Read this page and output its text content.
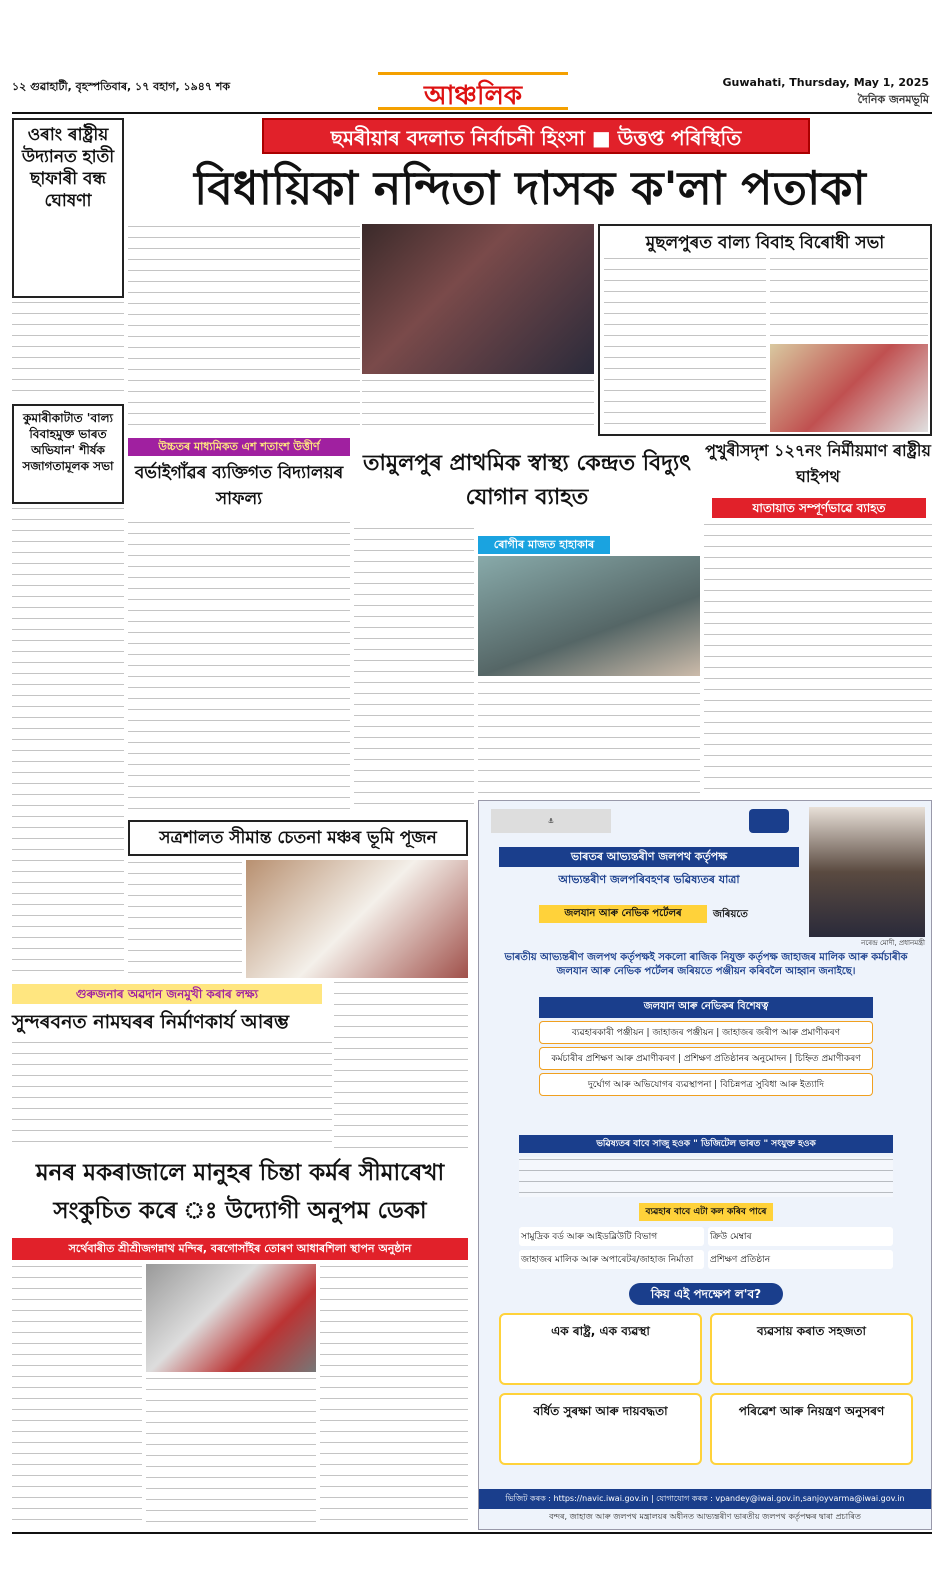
১২ গুৱাহাটী, বৃহস্পতিবাৰ, ১৭ বহাগ, ১৯৪৭ শক	আঞ্চলিক	Guwahati, Thursday, May 1, 2025
দৈনিক জনমভূমি
ওৰাং ৰাষ্ট্ৰীয় উদ্যানত হাতী ছাফাৰী বন্ধ ঘোষণা
কুমাৰীকাটাত 'বাল্য বিবাহমুক্ত ভাৰত অভিযান' শীৰ্ষক সজাগতামূলক সভা
ছমৰীয়াৰ বদলাত নিৰ্বাচনী হিংসা ■ উত্তপ্ত পৰিস্থিতি
বিধায়িকা নন্দিতা দাসক ক'লা পতাকা
মুছলপুৰত বাল্য বিবাহ বিৰোধী সভা
উচ্চতৰ মাধ্যমিকত এশ শতাংশ উত্তীৰ্ণ
বৰ্ভাইগাঁৱৰ ব্যক্তিগত বিদ্যালয়ৰ সাফল্য
তামুলপুৰ প্ৰাথমিক স্বাস্থ্য কেন্দ্ৰত বিদ্যুৎ যোগান ব্যাহত
ৰোগীৰ মাজত হাহাকাৰ
পুখুৰীসদৃশ ১২৭নং নিৰ্মীয়মাণ ৰাষ্ট্ৰীয় ঘাইপথ
যাতায়াত সম্পূৰ্ণভাৱে ব্যাহত
সত্ৰশালত সীমান্ত চেতনা মঞ্চৰ ভূমি পূজন
গুৰুজনাৰ অৱদান জনমুখী কৰাৰ লক্ষ্য
সুন্দৰবনত নামঘৰৰ নিৰ্মাণকাৰ্য আৰম্ভ
মনৰ মকৰাজালে মানুহৰ চিন্তা কৰ্মৰ সীমাৰেখা সংকুচিত কৰে ঃ উদ্যোগী অনুপম ডেকা
সৰ্থেবাৰীত শ্ৰীশ্ৰীজগন্নাথ মন্দিৰ, বৰগোসাঁইৰ তোৰণ আধাৰশিলা স্থাপন অনুষ্ঠান
⚓
ভাৰতৰ আভ্যন্তৰীণ জলপথ কৰ্তৃপক্ষ
আভ্যন্তৰীণ জলপৰিবহণৰ ভৱিষ্যতৰ যাত্ৰা
জলযান আৰু নেভিক পৰ্টেলৰ	জৰিয়তে
নৰেন্দ্ৰ মোদী, প্ৰধানমন্ত্ৰী
ভাৰতীয় আভ্যন্তৰীণ জলপথ কৰ্তৃপক্ষই সকলো ৰাজিক নিযুক্ত কৰ্তৃপক্ষ জাহাজৰ মালিক আৰু কৰ্মচাৰীক জলযান আৰু নেভিক পৰ্টেলৰ জৰিয়তে পঞ্জীয়ন কৰিবলৈ আহ্বান জনাইছে।
জলযান আৰু নেভিকৰ বিশেষত্ব
ব্যৱহাৰকাৰী পঞ্জীয়ন | জাহাজৰ পঞ্জীয়ন | জাহাজৰ জৰীপ আৰু প্ৰমাণীকৰণ
কৰ্মচাৰীৰ প্ৰশিক্ষণ আৰু প্ৰমাণীকৰণ | প্ৰশিক্ষণ প্ৰতিষ্ঠানৰ অনুমোদন | চিহ্নিত প্ৰমাণীকৰণ
দুৰ্ঘোগ আৰু অভিযোগৰ ব্যৱস্থাপনা | বিচিন্নপত্ৰ সুবিধা আৰু ইত্যাদি
ভৱিষ্যতৰ বাবে সাজু হওক " ডিজিটেল ভাৰত " সংযুক্ত হওক
ব্যৱহাৰ বাবে এটা কল কৰিব পাৰে
সামুদ্ৰিক বৰ্ড আৰু আইডব্লিউটি বিভাগ	ক্ৰিউ মেম্বাৰ
জাহাজৰ মালিক আৰু অপাৰেটৰ/জাহাজ নিৰ্মাতা	প্ৰশিক্ষণ প্ৰতিষ্ঠান
কিয় এই পদক্ষেপ ল'ব?
এক ৰাষ্ট্ৰ, এক ব্যৱস্থা	ব্যৱসায় কৰাত সহজতা
বৰ্ধিত সুৰক্ষা আৰু দায়বদ্ধতা	পৰিৱেশ আৰু নিয়ন্ত্ৰণ অনুসৰণ
ভিজিট কৰক : https://navic.iwai.gov.in | যোগাযোগ কৰক : vpandey@iwai.gov.in,sanjoyvarma@iwai.gov.in
বন্দৰ, জাহাজ আৰু জলপথ মন্ত্ৰালয়ৰ অধীনত আভ্যন্তৰীণ ভাৰতীয় জলপথ কৰ্তৃপক্ষৰ দ্বাৰা প্ৰচাৰিত
